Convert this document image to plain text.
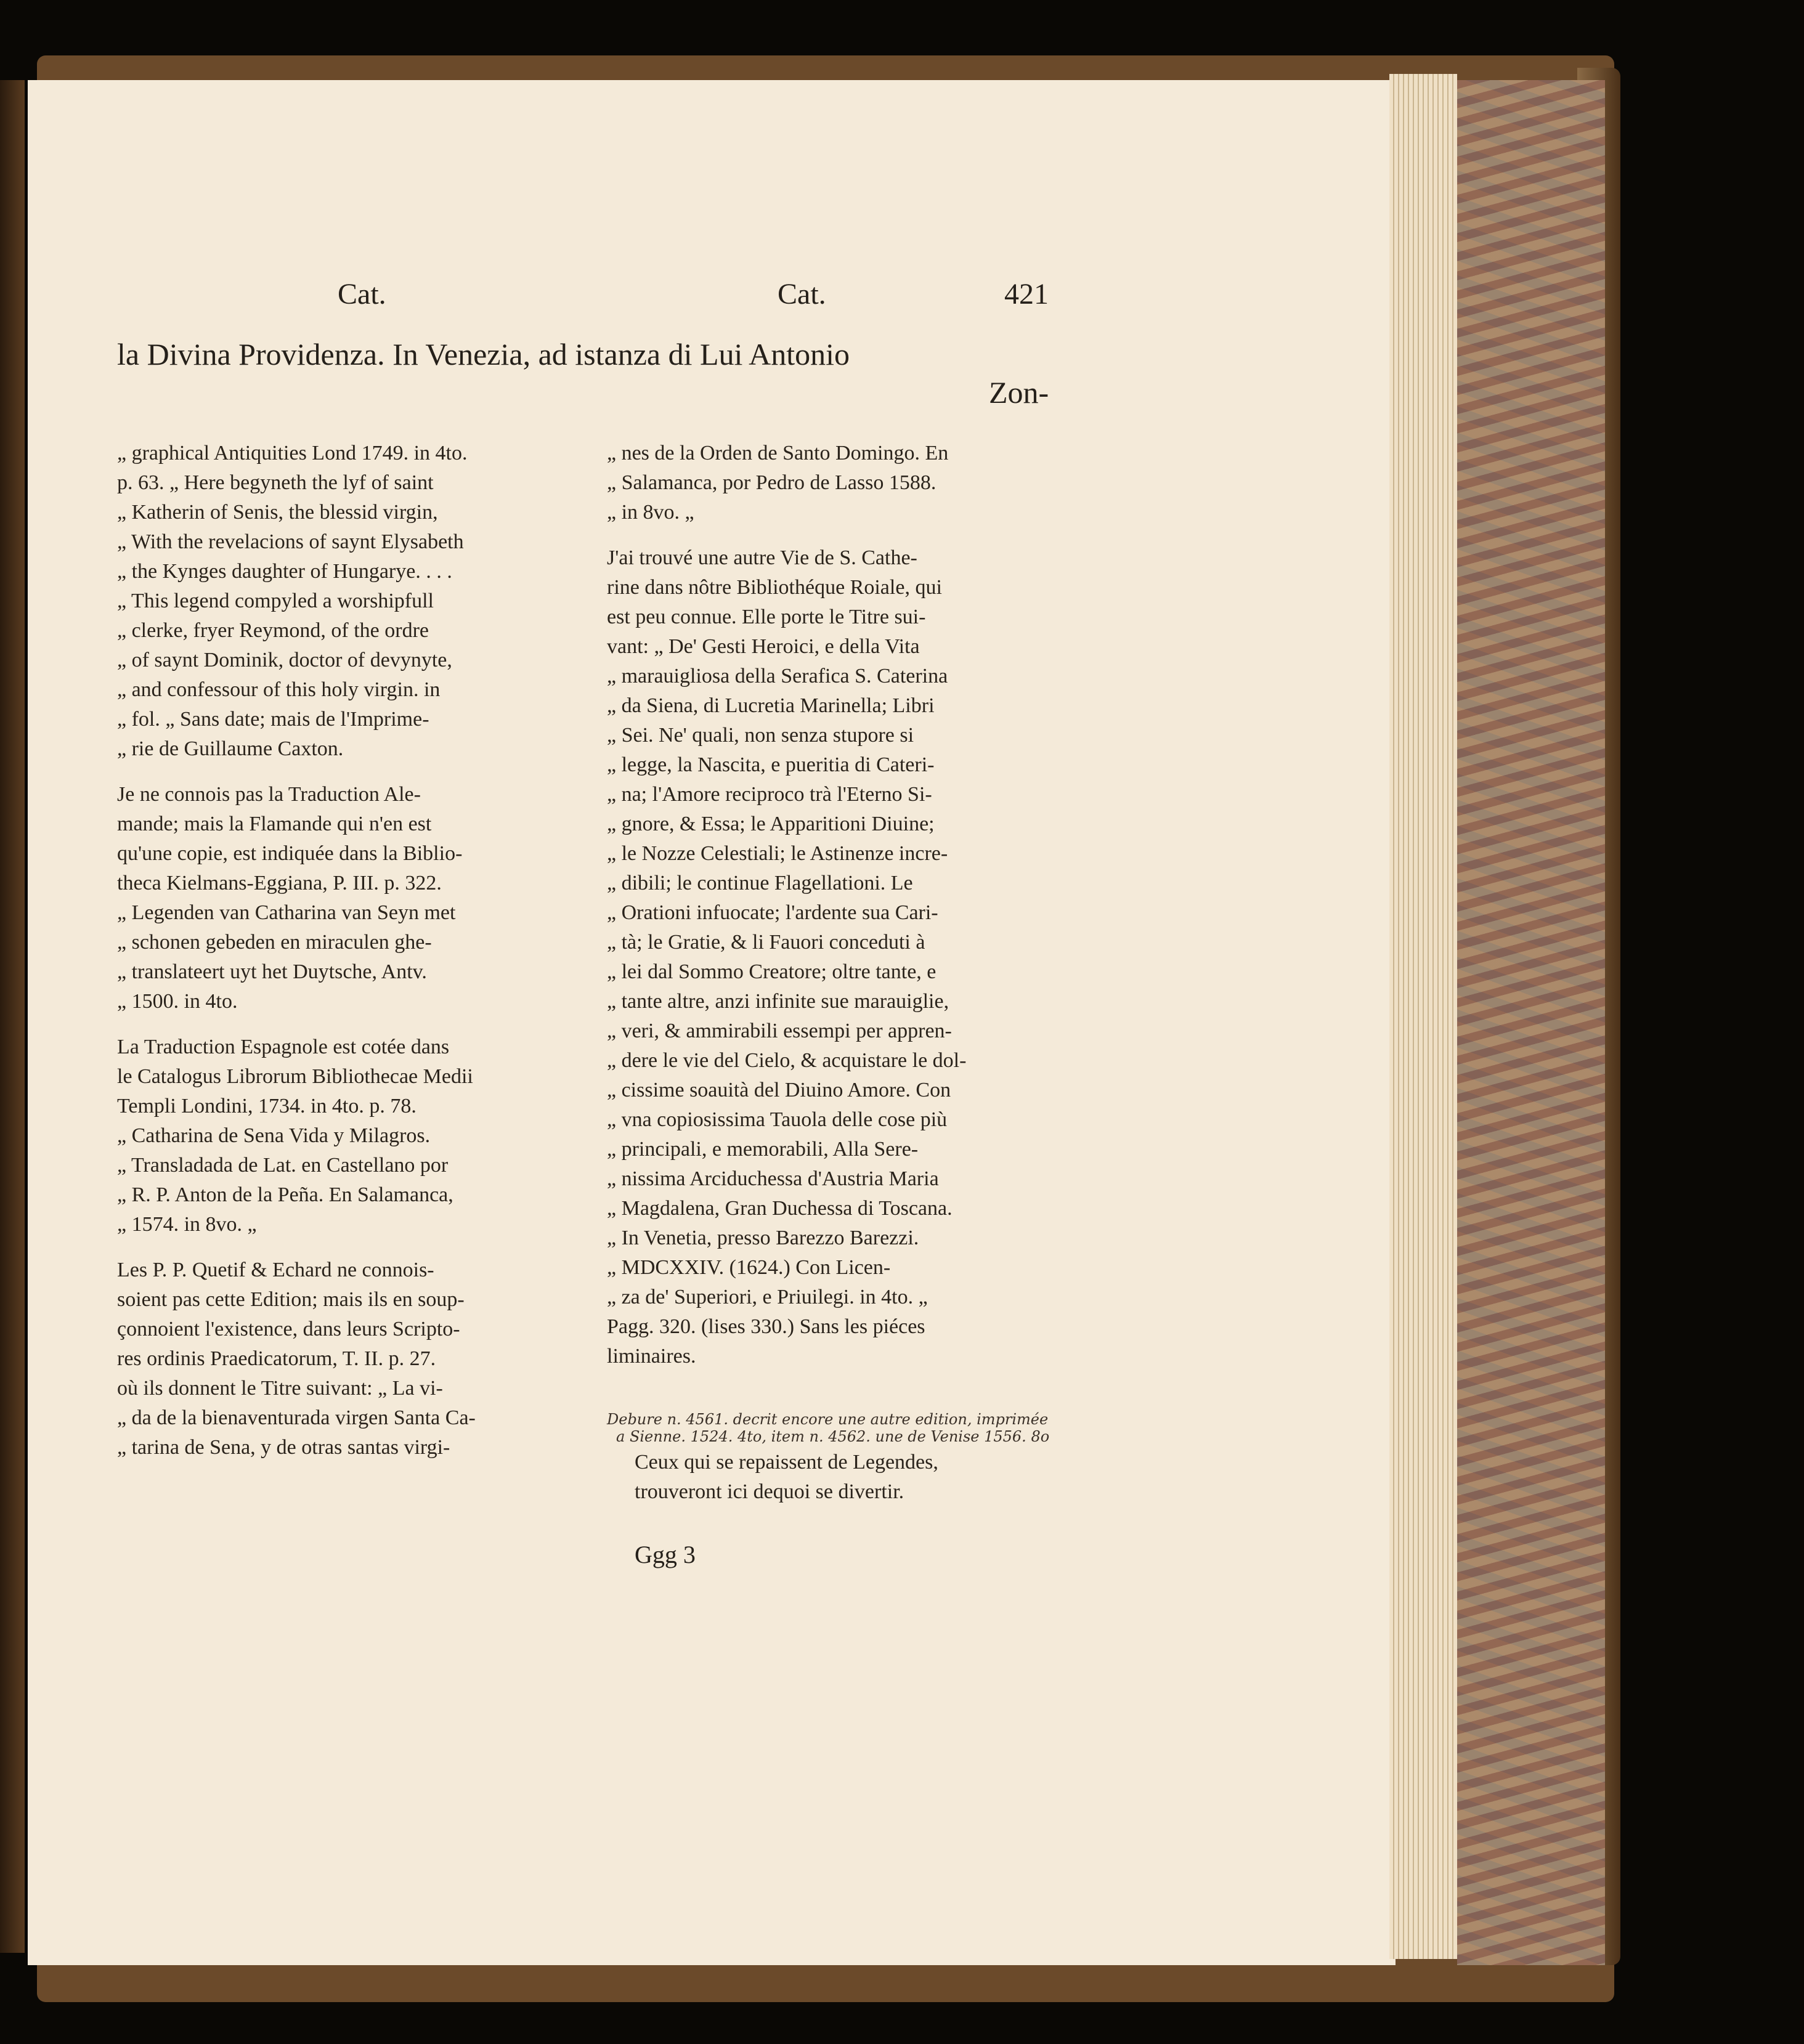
Cat.	Cat.	421
la Divina Providenza. In Venezia, ad istanza di Lui Antonio
Zon-
„ graphical Antiquities Lond 1749. in 4to.
p. 63. „ Here begyneth the lyf of saint
„ Katherin of Senis, the blessid virgin,
„ With the revelacions of saynt Elysabeth
„ the Kynges daughter of Hungarye. . . .
„ This legend compyled a worshipfull
„ clerke, fryer Reymond, of the ordre
„ of saynt Dominik, doctor of devynyte,
„ and confessour of this holy virgin. in
„ fol. „ Sans date; mais de l'Imprime-
„ rie de Guillaume Caxton.
Je ne connois pas la Traduction Ale-
mande; mais la Flamande qui n'en est
qu'une copie, est indiquée dans la Biblio-
theca Kielmans-Eggiana, P. III. p. 322.
„ Legenden van Catharina van Seyn met
„ schonen gebeden en miraculen ghe-
„ translateert uyt het Duytsche, Antv.
„ 1500. in 4to.
La Traduction Espagnole est cotée dans
le Catalogus Librorum Bibliothecae Medii
Templi Londini, 1734. in 4to. p. 78.
„ Catharina de Sena Vida y Milagros.
„ Transladada de Lat. en Castellano por
„ R. P. Anton de la Peña. En Salamanca,
„ 1574. in 8vo. „
Les P. P. Quetif & Echard ne connois-
soient pas cette Edition; mais ils en soup-
çonnoient l'existence, dans leurs Scripto-
res ordinis Praedicatorum, T. II. p. 27.
où ils donnent le Titre suivant: „ La vi-
„ da de la bienaventurada virgen Santa Ca-
„ tarina de Sena, y de otras santas virgi-
„ nes de la Orden de Santo Domingo. En
„ Salamanca, por Pedro de Lasso 1588.
„ in 8vo. „
J'ai trouvé une autre Vie de S. Cathe-
rine dans nôtre Bibliothéque Roiale, qui
est peu connue. Elle porte le Titre sui-
vant: „ De' Gesti Heroici, e della Vita
„ marauigliosa della Serafica S. Caterina
„ da Siena, di Lucretia Marinella; Libri
„ Sei. Ne' quali, non senza stupore si
„ legge, la Nascita, e pueritia di Cateri-
„ na; l'Amore reciproco trà l'Eterno Si-
„ gnore, & Essa; le Apparitioni Diuine;
„ le Nozze Celestiali; le Astinenze incre-
„ dibili; le continue Flagellationi. Le
„ Orationi infuocate; l'ardente sua Cari-
„ tà; le Gratie, & li Fauori conceduti à
„ lei dal Sommo Creatore; oltre tante, e
„ tante altre, anzi infinite sue marauiglie,
„ veri, & ammirabili essempi per appren-
„ dere le vie del Cielo, & acquistare le dol-
„ cissime soauità del Diuino Amore. Con
„ vna copiosissima Tauola delle cose più
„ principali, e memorabili, Alla Sere-
„ nissima Arciduchessa d'Austria Maria
„ Magdalena, Gran Duchessa di Toscana.
„ In Venetia, presso Barezzo Barezzi.
„ MDCXXIV. (1624.) Con Licen-
„ za de' Superiori, e Priuilegi. in 4to. „
Pagg. 320. (lises 330.) Sans les piéces
liminaires.
Debure n. 4561. decrit encore une autre edition, imprimée
a Sienne. 1524. 4to, item n. 4562. une de Venise 1556. 8o
Ceux qui se repaissent de Legendes,
trouveront ici dequoi se divertir.
Ggg 3
